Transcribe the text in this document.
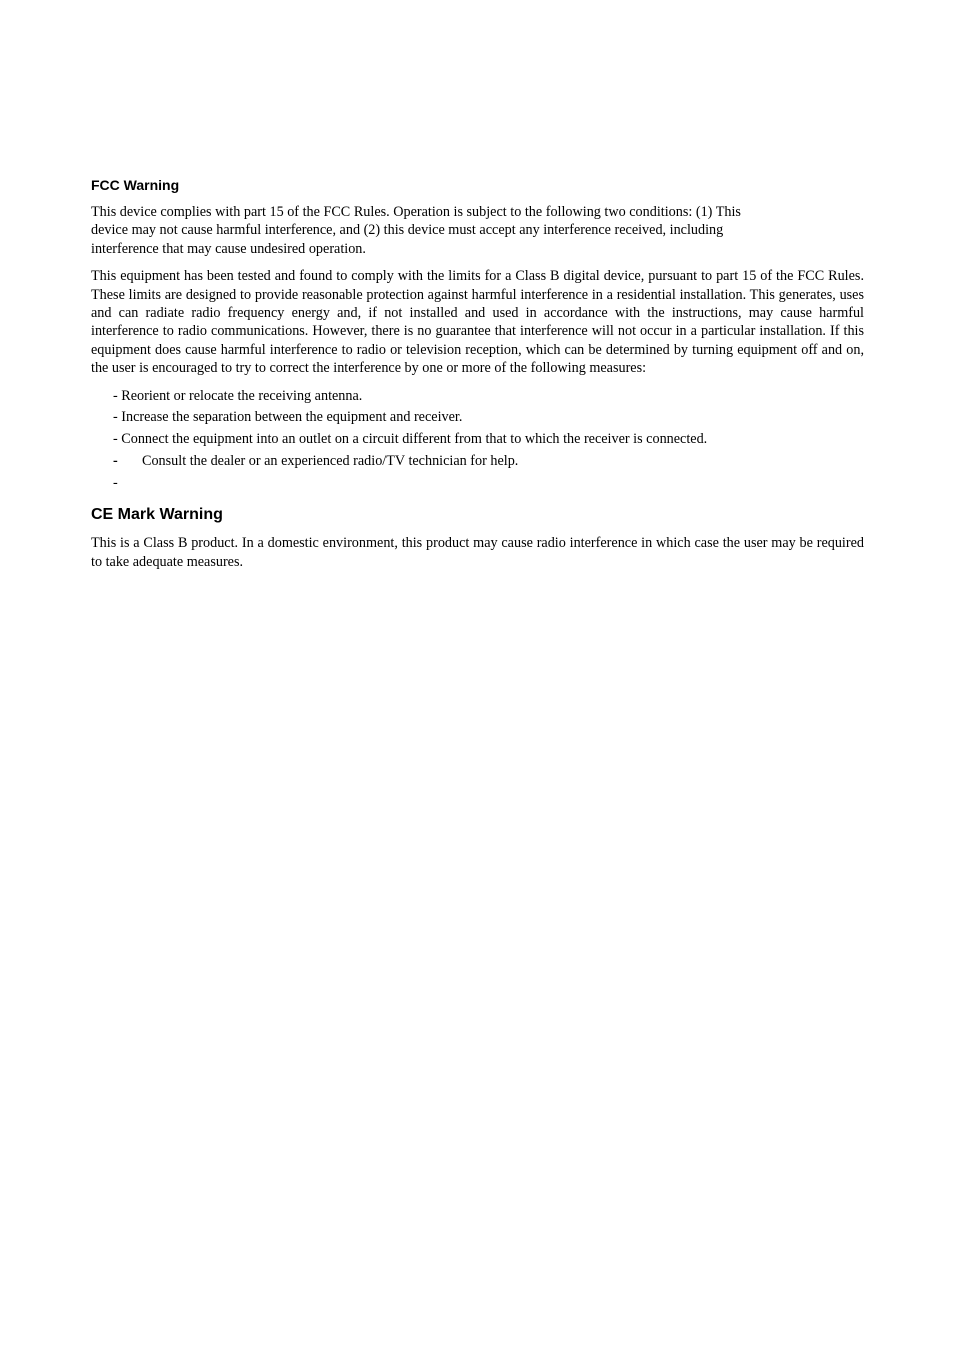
FCC Warning

This device complies with part 15 of the FCC Rules. Operation is subject to the following two conditions: (1) This
device may not cause harmful interference, and (2) this device must accept any interference received, including
interference that may cause undesired operation.

This equipment has been tested and found to comply with the limits for a Class B digital device, pursuant to part 15 of the FCC Rules. These limits are designed to provide reasonable protection against harmful interference in a residential installation. This generates, uses and can radiate radio frequency energy and, if not installed and used in accordance with the instructions, may cause harmful interference to radio communications. However, there is no guarantee that interference will not occur in a particular installation. If this equipment does cause harmful interference to radio or television reception, which can be determined by turning equipment off and on, the user is encouraged to try to correct the interference by one or more of the following measures:

- Reorient or relocate the receiving antenna.
- Increase the separation between the equipment and receiver.
- Connect the equipment into an outlet on a circuit different from that to which the receiver is connected.
-	Consult the dealer or an experienced radio/TV technician for help.
-
CE Mark Warning

This is a Class B product. In a domestic environment, this product may cause radio interference in which case the user may be required to take adequate measures.
